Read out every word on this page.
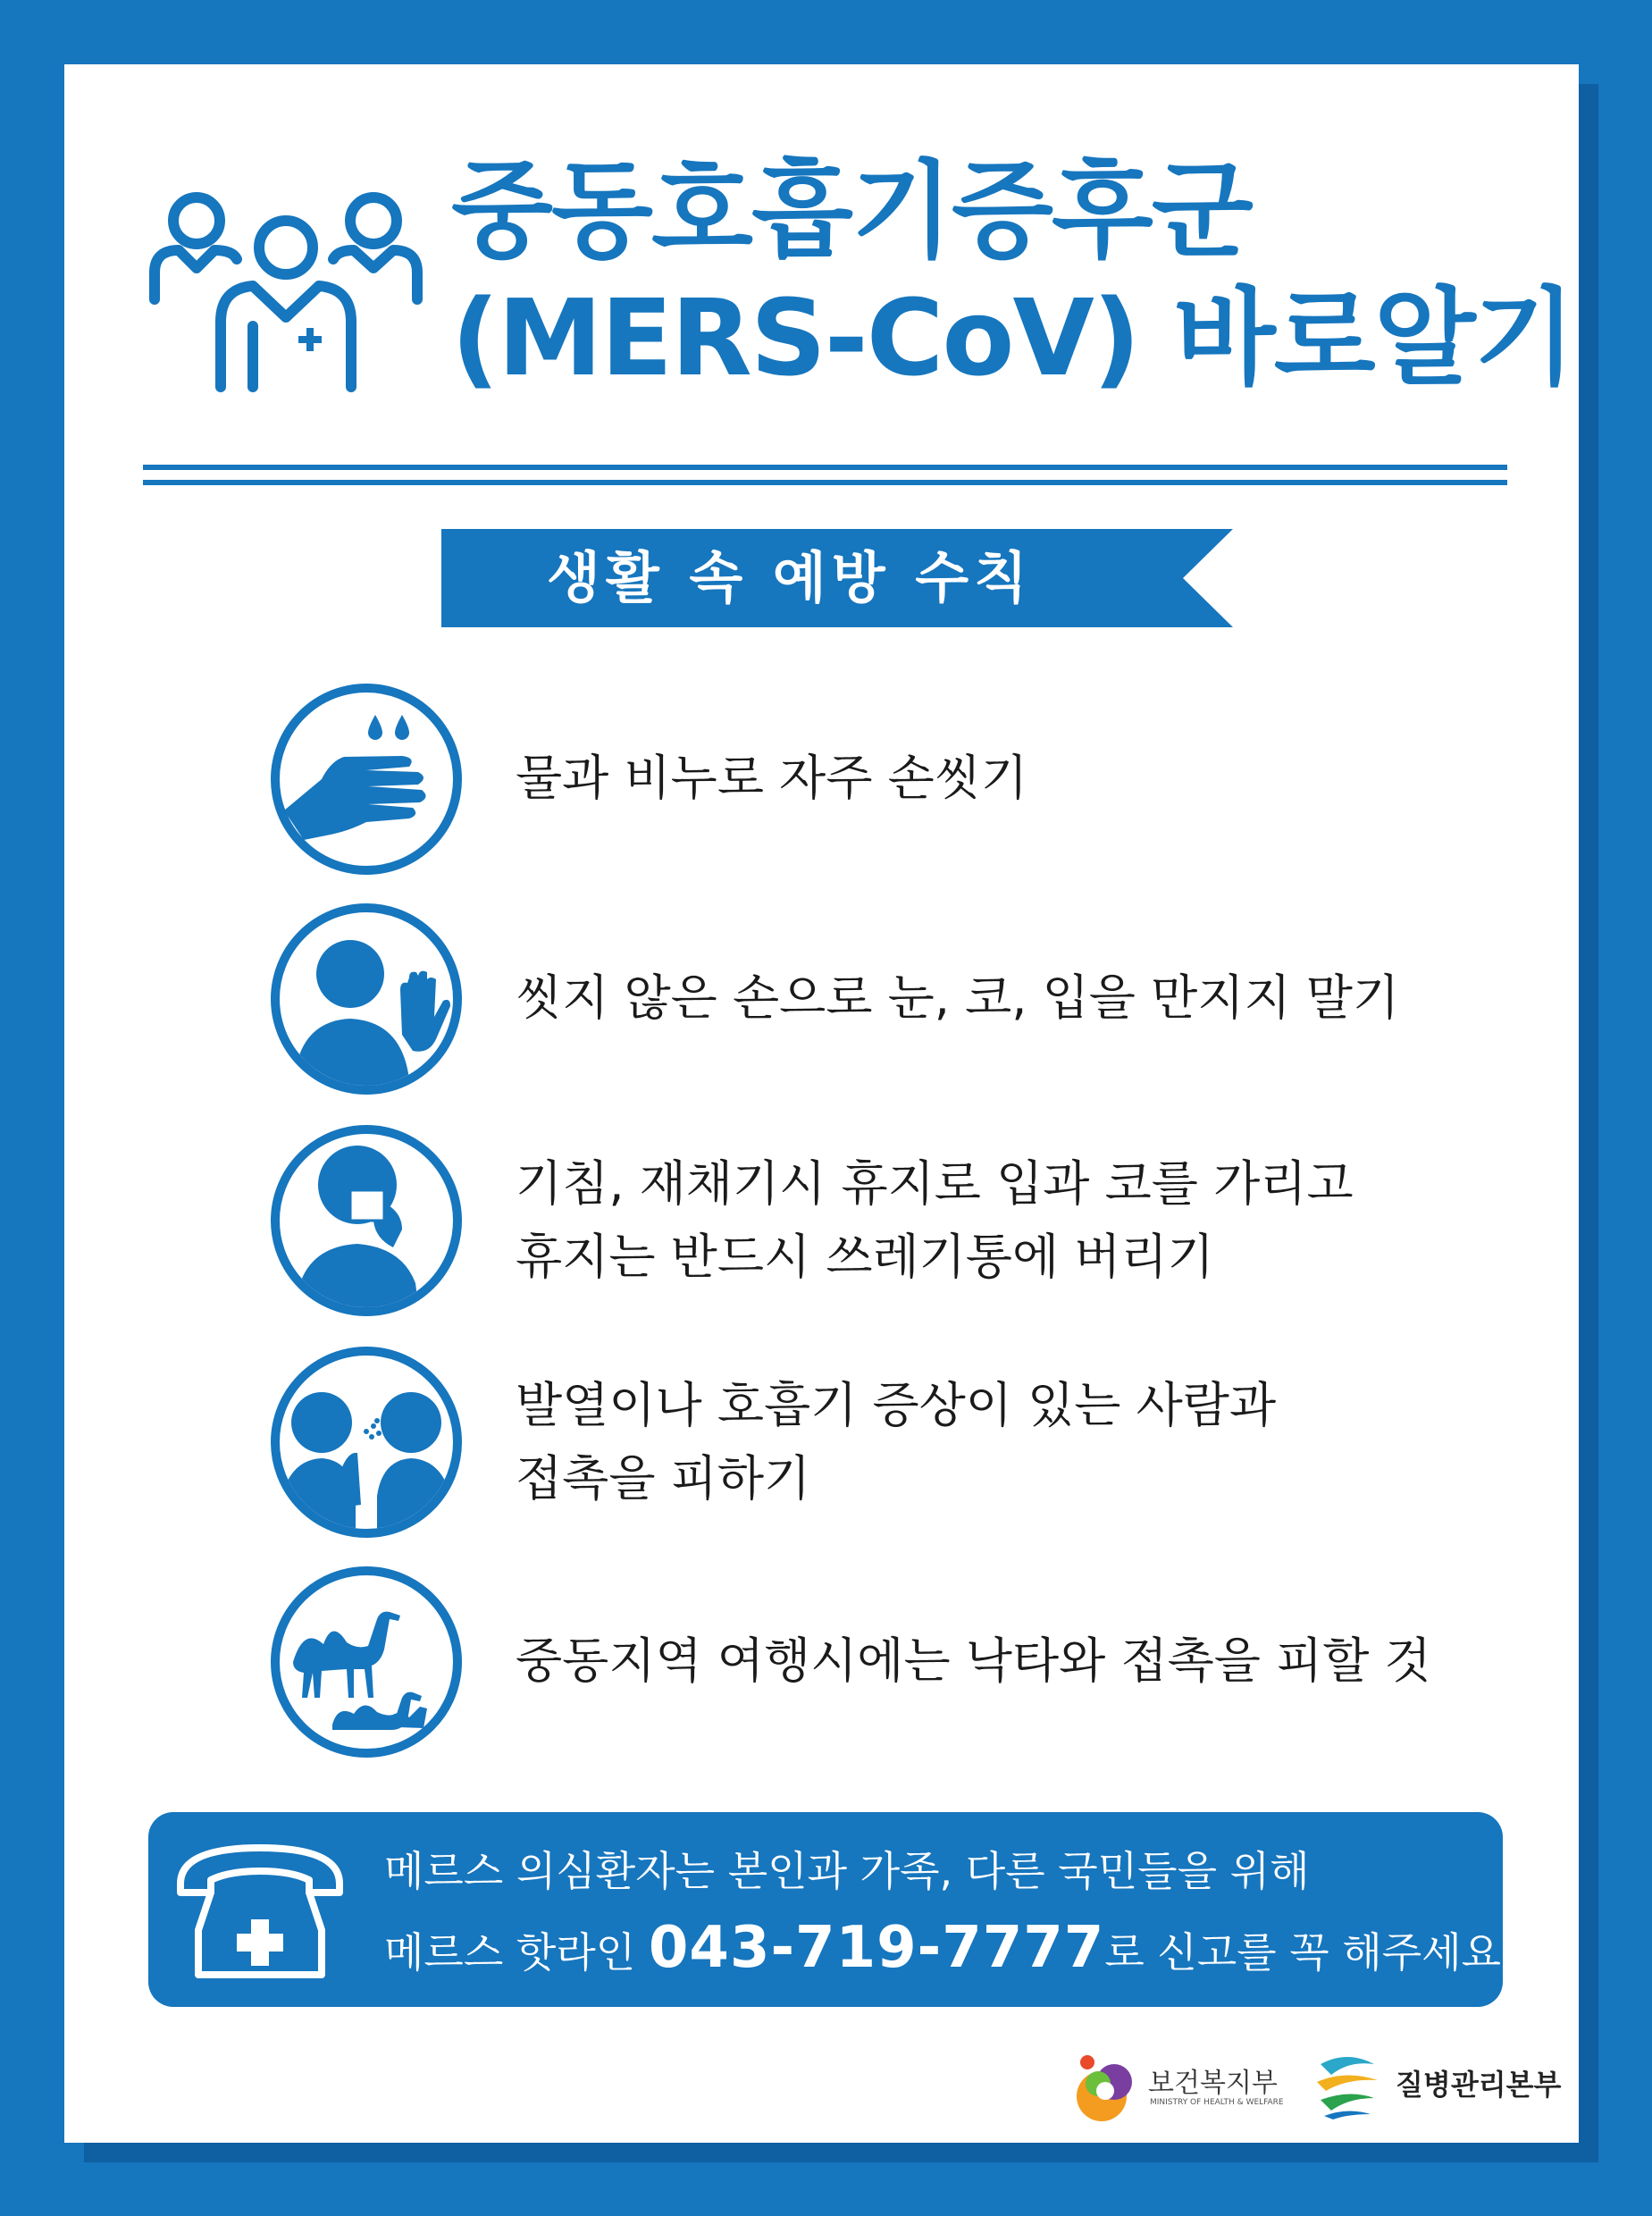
중동호흡기증후군
(MERS-CoV) 바로알기
생활 속 예방 수칙
물과 비누로 자주 손씻기
씻지 않은 손으로 눈, 코, 입을 만지지 말기
기침, 재채기시 휴지로 입과 코를 가리고
휴지는 반드시 쓰레기통에 버리기
발열이나 호흡기 증상이 있는 사람과
접촉을 피하기
중동지역 여행시에는 낙타와 접촉을 피할 것
메르스 의심환자는 본인과 가족, 다른 국민들을 위해
메르스 핫라인 043-719-7777로 신고를 꼭 해주세요
보건복지부
MINISTRY OF HEALTH & WELFARE
질병관리본부
